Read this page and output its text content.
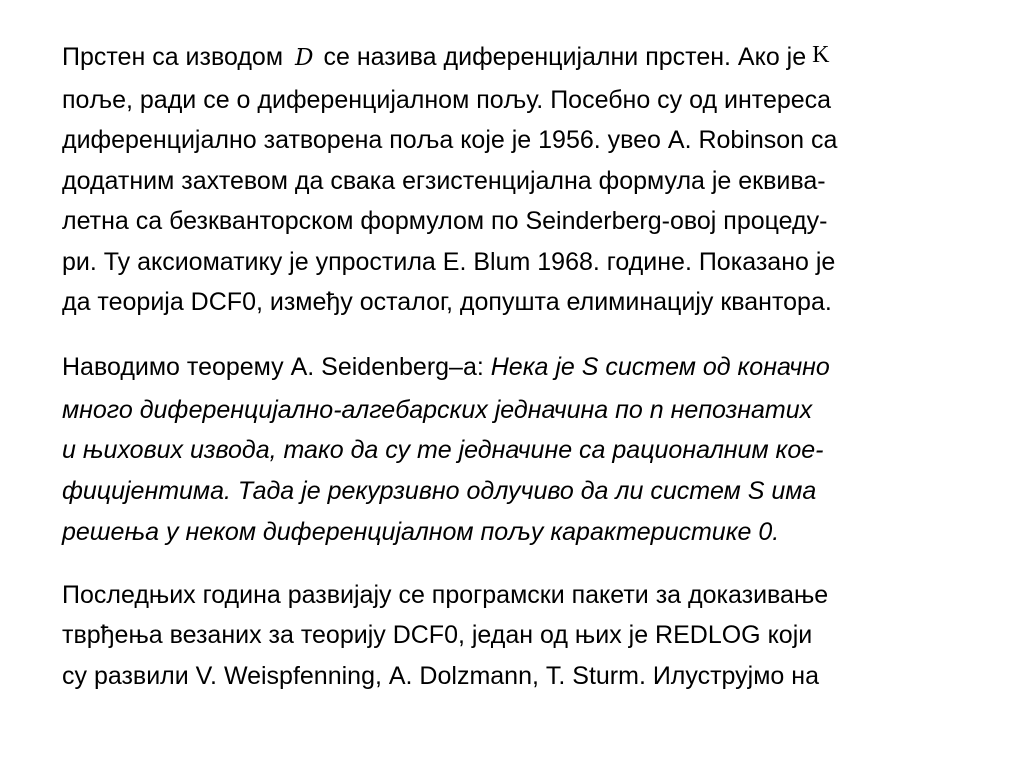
Прстен са изводом D се назива диференцијални прстен. Ако је K
поље, ради се о диференцијалном пољу. Посебно су од интереса
диференцијално затворена поља које је 1956. увео А. Robinson са
додатним захтевом да свака егзистенцијална формула је еквива-
летна са безкванторском формулом по Seinderberg-овој процеду-
ри. Ту аксиоматику је упростила Е. Blum 1968. године. Показано је
да теорија DCF0, између осталог, допушта елиминацију квантора.
Наводимо теорему А. Seidenberg–а: Нека је S систем од коначно
много диференцијално-алгебарских једначина по n непознатих
и њихових извода, тако да су те једначине са рационалним кое-
фицијентима. Тада је рекурзивно одлучиво да ли систем S има
решења у неком диференцијалном пољу карактеристике 0.
Последњих година развијају се програмски пакети за доказивање
тврђења везаних за теорију DCF0, један од њих је REDLOG који
су развили V. Weispfenning, А. Dolzmann, Т. Sturm. Илуструјмо на
